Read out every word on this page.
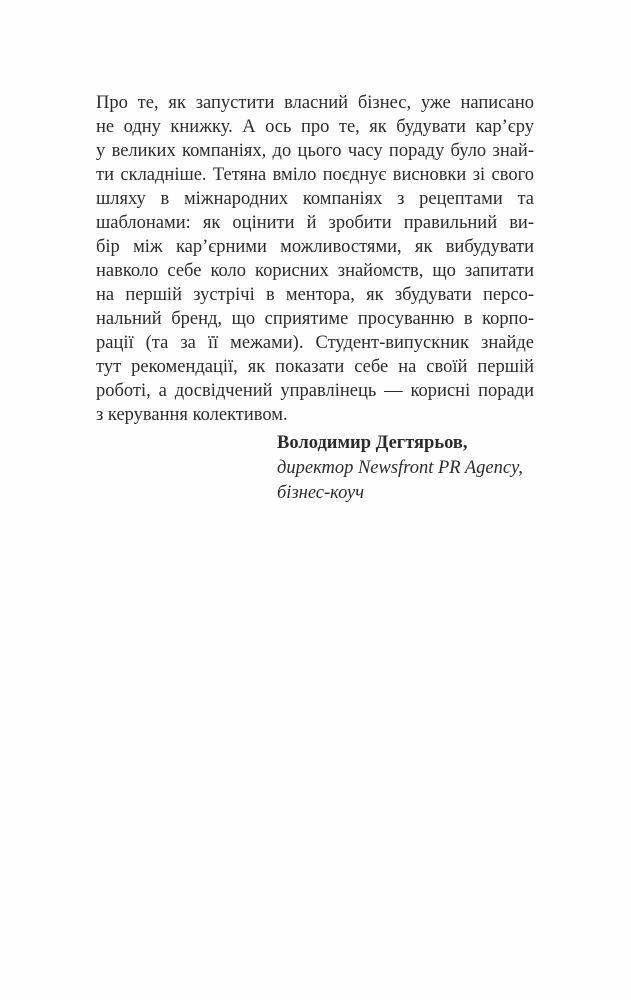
Про те, як запустити власний бізнес, уже написано
не одну книжку. А ось про те, як будувати кар’єру
у великих компаніях, до цього часу пораду було знай-
ти складніше. Тетяна вміло поєднує висновки зі свого
шляху в міжнародних компаніях з рецептами та
шаблонами: як оцінити й зробити правильний ви-
бір між кар’єрними можливостями, як вибудувати
навколо себе коло корисних знайомств, що запитати
на першій зустрічі в ментора, як збудувати персо-
нальний бренд, що сприятиме просуванню в корпо-
рації (та за її межами). Студент-випускник знайде
тут рекомендації, як показати себе на своїй першій
роботі, а досвідчений управлінець — корисні поради
з керування колективом.
Володимир Дегтярьов,
директор Newsfront PR Agency,
бізнес-коуч
